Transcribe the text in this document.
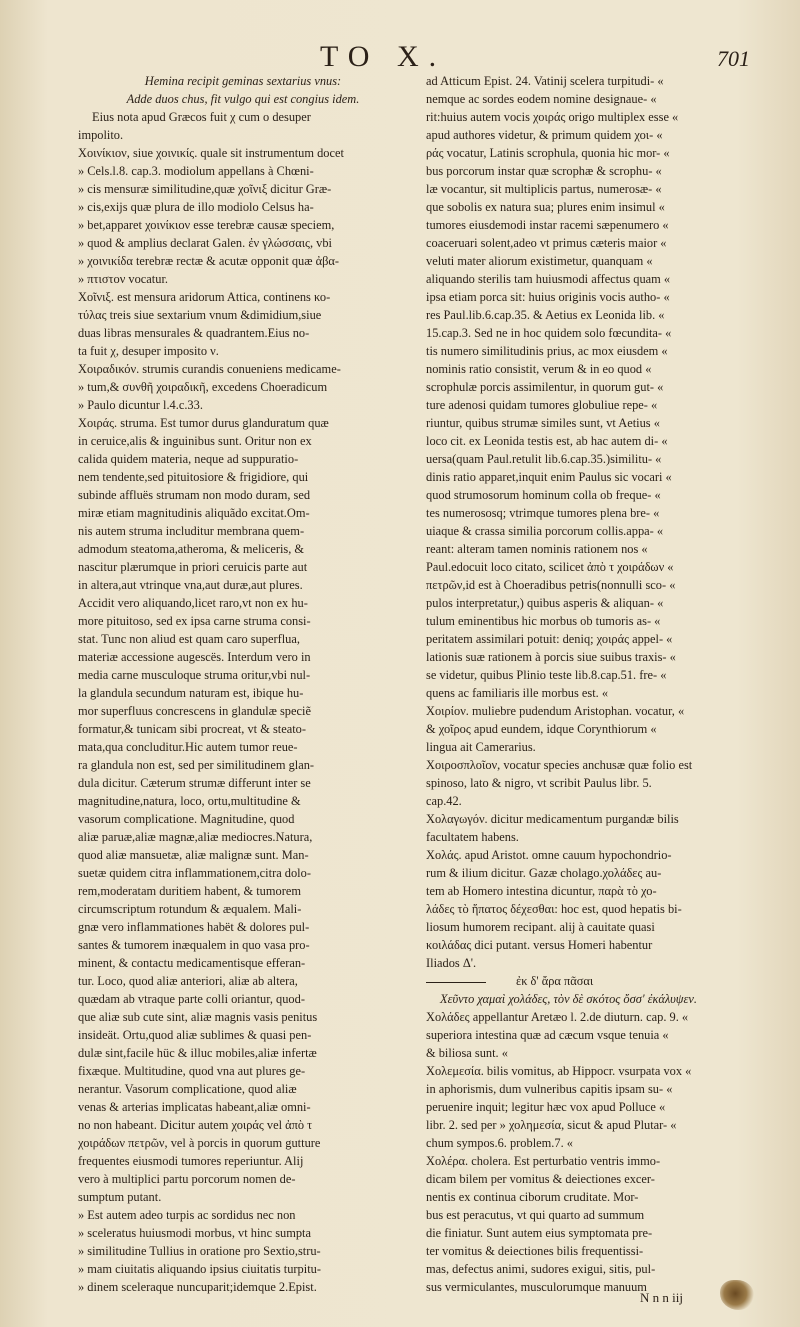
TO X.	701
Hemina recipit geminas sextarius vnus:
Adde duos chus, fit vulgo qui est congius idem.
Eius nota apud Græcos fuit χ cum o desuper
impolito.
Χοινίκιον, siue χοινικίς. quale sit instrumentum docet
» Cels.l.8. cap.3. modiolum appellans à Chœni-
» cis mensuræ similitudine,quæ χοῖνιξ dicitur Græ-
» cis,exijs quæ plura de illo modiolo Celsus ha-
» bet,apparet χοινίκιον esse terebræ causæ speciem,
» quod & amplius declarat Galen. ἐν γλώσσαις, vbi
» χοινικίδα terebræ rectæ & acutæ opponit quæ ἀβα-
» πτιστον vocatur.
Χοῖνιξ. est mensura aridorum Attica, continens κο-
τύλας treis siue sextarium vnum &dimidium,siue
duas libras mensurales & quadrantem.Eius no-
ta fuit χ, desuper imposito ν.
Χοιραδικόν. strumis curandis conueniens medicame-
» tum,& συνθῆ χοιραδικῆ, excedens Choeradicum
» Paulo dicuntur l.4.c.33.
Χοιράς. struma. Est tumor durus glanduratum quæ
in ceruice,alis & inguinibus sunt. Oritur non ex
calida quidem materia, neque ad suppuratio-
nem tendente,sed pituitosiore & frigidiore, qui
subinde affluës strumam non modo duram, sed
miræ etiam magnitudinis aliquãdo excitat.Om-
nis autem struma includitur membrana quem-
admodum steatoma,atheroma, & meliceris, &
nascitur plærumque in priori ceruicis parte aut
in altera,aut vtrinque vna,aut duræ,aut plures.
Accidit vero aliquando,licet raro,vt non ex hu-
more pituitoso, sed ex ipsa carne struma consi-
stat. Tunc non aliud est quam caro superflua,
materiæ accessione augescës. Interdum vero in
media carne musculoque struma oritur,vbi nul-
la glandula secundum naturam est, ibique hu-
mor superfluus concrescens in glandulæ speciẽ
formatur,& tunicam sibi procreat, vt & steato-
mata,qua concluditur.Hic autem tumor reue-
ra glandula non est, sed per similitudinem glan-
dula dicitur. Cæterum strumæ differunt inter se
magnitudine,natura, loco, ortu,multitudine &
vasorum complicatione. Magnitudine, quod
aliæ paruæ,aliæ magnæ,aliæ mediocres.Natura,
quod aliæ mansuetæ, aliæ malignæ sunt. Man-
suetæ quidem citra inflammationem,citra dolo-
rem,moderatam duritiem habent, & tumorem
circumscriptum rotundum & æqualem. Mali-
gnæ vero inflammationes habët & dolores pul-
santes & tumorem inæqualem in quo vasa pro-
minent, & contactu medicamentisque efferan-
tur. Loco, quod aliæ anteriori, aliæ ab altera,
quædam ab vtraque parte colli oriantur, quod-
que aliæ sub cute sint, aliæ magnis vasis penitus
insideät. Ortu,quod aliæ sublimes & quasi pen-
dulæ sint,facile hüc & illuc mobiles,aliæ infertæ
fixæque. Multitudine, quod vna aut plures ge-
nerantur. Vasorum complicatione, quod aliæ
venas & arterias implicatas habeant,aliæ omni-
no non habeant. Dicitur autem χοιράς vel ἀπὸ τ
χοιράδων πετρῶν, vel à porcis in quorum gutture
frequentes eiusmodi tumores reperiuntur. Alij
vero à multiplici partu porcorum nomen de-
sumptum putant.
» Est autem adeo turpis ac sordidus nec non
» sceleratus huiusmodi morbus, vt hinc sumpta
» similitudine Tullius in oratione pro Sextio,stru-
» mam ciuitatis aliquando ipsius ciuitatis turpitu-
» dinem sceleraque nuncuparit;idemque 2.Epist.
ad Atticum Epist. 24. Vatinij scelera turpitudi- «
nemque ac sordes eodem nomine designaue- «
rit:huius autem vocis χοιράς origo multiplex esse «
apud authores videtur, & primum quidem χοι- «
ράς vocatur, Latinis scrophula, quonia hic mor- «
bus porcorum instar quæ scrophæ & scrophu- «
læ vocantur, sit multiplicis partus, numerosæ- «
que sobolis ex natura sua; plures enim insimul «
tumores eiusdemodi instar racemi sæpenumero «
coaceruari solent,adeo vt primus cæteris maior «
veluti mater aliorum existimetur, quanquam «
aliquando sterilis tam huiusmodi affectus quam «
ipsa etiam porca sit: huius originis vocis autho- «
res Paul.lib.6.cap.35. & Aetius ex Leonida lib. «
15.cap.3. Sed ne in hoc quidem solo fœcundita- «
tis numero similitudinis prius, ac mox eiusdem «
nominis ratio consistit, verum & in eo quod «
scrophulæ porcis assimilentur, in quorum gut- «
ture adenosi quidam tumores globuliue repe- «
riuntur, quibus strumæ similes sunt, vt Aetius «
loco cit. ex Leonida testis est, ab hac autem di- «
uersa(quam Paul.retulit lib.6.cap.35.)similitu- «
dinis ratio apparet,inquit enim Paulus sic vocari «
quod strumosorum hominum colla ob freque- «
tes numerososq; vtrimque tumores plena bre- «
uiaque & crassa similia porcorum collis.appa- «
reant: alteram tamen nominis rationem nos «
Paul.edocuit loco citato, scilicet ἀπὸ τ χοιράδων «
πετρῶν,id est à Choeradibus petris(nonnulli sco- «
pulos interpretatur,) quibus asperis & aliquan- «
tulum eminentibus hic morbus ob tumoris as- «
peritatem assimilari potuit: deniq; χοιράς appel- «
lationis suæ rationem à porcis siue suibus traxis- «
se videtur, quibus Plinio teste lib.8.cap.51. fre- «
quens ac familiaris ille morbus est. «
Χοιρίον. muliebre pudendum Aristophan. vocatur, «
& χοῖρος apud eundem, idque Corynthiorum «
lingua ait Camerarius.
Χοιροσπλοῖον, vocatur species anchusæ quæ folio est
spinoso, lato & nigro, vt scribit Paulus libr. 5.
cap.42.
Χολαγωγόν. dicitur medicamentum purgandæ bilis
facultatem habens.
Χολάς. apud Aristot. omne cauum hypochondrio-
rum & ilium dicitur. Gazæ cholago.χολάδες au-
tem ab Homero intestina dicuntur, παρὰ τὸ χο-
λάδες τὸ ἥπατος δέχεσθαι: hoc est, quod hepatis bi-
liosum humorem recipant. alij à cauitate quasi
κοιλάδας dici putant. versus Homeri habentur
Iliados Δ'.
ἐκ δ' ἄρα πᾶσαι
Χεῦντο χαμαὶ χολάδες, τὸν δὲ σκότος ὄσσ' ἐκάλυψεν.
Χολάδες appellantur Aretæo l. 2.de diuturn. cap. 9. «
superiora intestina quæ ad cæcum vsque tenuia «
& biliosa sunt. «
Χολεμεσία. bilis vomitus, ab Hippocr. vsurpata vox «
in aphorismis, dum vulneribus capitis ipsam su- «
peruenire inquit; legitur hæc vox apud Polluce «
libr. 2. sed per » χολημεσία, sicut & apud Plutar- «
chum sympos.6. problem.7. «
Χολέρα. cholera. Est perturbatio ventris immo-
dicam bilem per vomitus & deiectiones excer-
nentis ex continua ciborum cruditate. Mor-
bus est peracutus, vt qui quarto ad summum
die finiatur. Sunt autem eius symptomata pre-
ter vomitus & deiectiones bilis frequentissi-
mas, defectus animi, sudores exigui, sitis, pul-
sus vermiculantes, musculorumque manuum
N n n iij
